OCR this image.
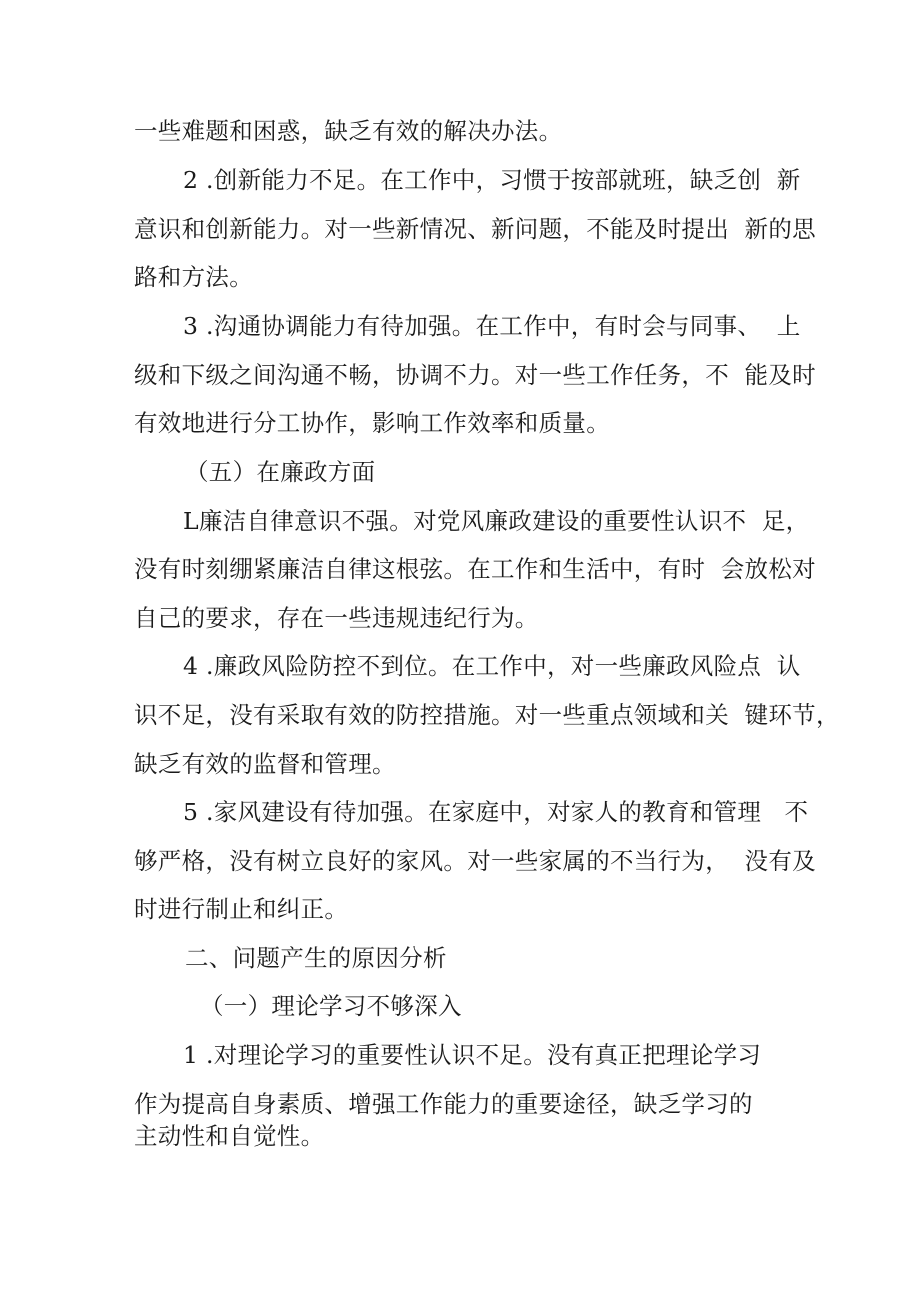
一些难题和困惑，缺乏有效的解决办法。
2 .创新能力不足。在工作中，习惯于按部就班，缺乏创  新
意识和创新能力。对一些新情况、新问题，不能及时提出  新的思
路和方法。
3 .沟通协调能力有待加强。在工作中，有时会与同事、  上
级和下级之间沟通不畅，协调不力。对一些工作任务，不  能及时
有效地进行分工协作，影响工作效率和质量。
（五）在廉政方面
L廉洁自律意识不强。对党风廉政建设的重要性认识不  足，
没有时刻绷紧廉洁自律这根弦。在工作和生活中，有时  会放松对
自己的要求，存在一些违规违纪行为。
4 .廉政风险防控不到位。在工作中，对一些廉政风险点  认
识不足，没有采取有效的防控措施。对一些重点领域和关  键环节，
缺乏有效的监督和管理。
5 .家风建设有待加强。在家庭中，对家人的教育和管理   不
够严格，没有树立良好的家风。对一些家属的不当行为，  没有及
时进行制止和纠正。
二、问题产生的原因分析
（一）理论学习不够深入
1 .对理论学习的重要性认识不足。没有真正把理论学习
作为提高自身素质、增强工作能力的重要途径，缺乏学习的
主动性和自觉性。
